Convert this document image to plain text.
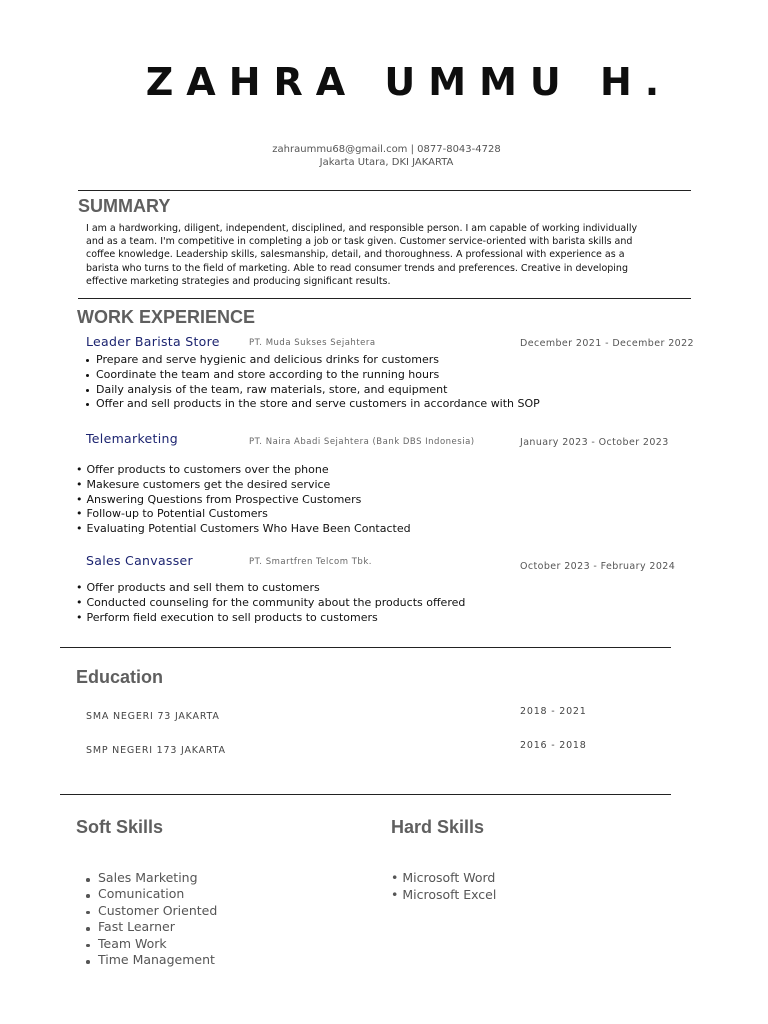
ZAHRA UMMU H.
zahraummu68@gmail.com | 0877-8043-4728
Jakarta Utara, DKI JAKARTA
SUMMARY
I am a hardworking, diligent, independent, disciplined, and responsible person. I am capable of working individually and as a team. I'm competitive in completing a job or task given. Customer service-oriented with barista skills and coffee knowledge. Leadership skills, salesmanship, detail, and thoroughness. A professional with experience as a barista who turns to the field of marketing. Able to read consumer trends and preferences. Creative in developing effective marketing strategies and producing significant results.
WORK EXPERIENCE
Leader Barista Store	PT. Muda Sukses Sejahtera	December 2021 - December 2022
Prepare and serve hygienic and delicious drinks for customers
Coordinate the team and store according to the running hours
Daily analysis of the team, raw materials, store, and equipment
Offer and sell products in the store and serve customers in accordance with SOP
Telemarketing	PT. Naira Abadi Sejahtera (Bank DBS Indonesia)	January 2023 - October 2023
• Offer products to customers over the phone
• Makesure customers get the desired service
• Answering Questions from Prospective Customers
• Follow-up to Potential Customers
• Evaluating Potential Customers Who Have Been Contacted
Sales Canvasser	PT. Smartfren Telcom Tbk.	October 2023 - February 2024
• Offer products and sell them to customers
• Conducted counseling for the community about the products offered
• Perform field execution to sell products to customers
Education
SMA NEGERI 73 JAKARTA	2018 - 2021
SMP NEGERI 173 JAKARTA	2016 - 2018
Soft Skills
Sales Marketing
Comunication
Customer Oriented
Fast Learner
Team Work
Time Management
Hard Skills
• Microsoft Word
• Microsoft Excel
